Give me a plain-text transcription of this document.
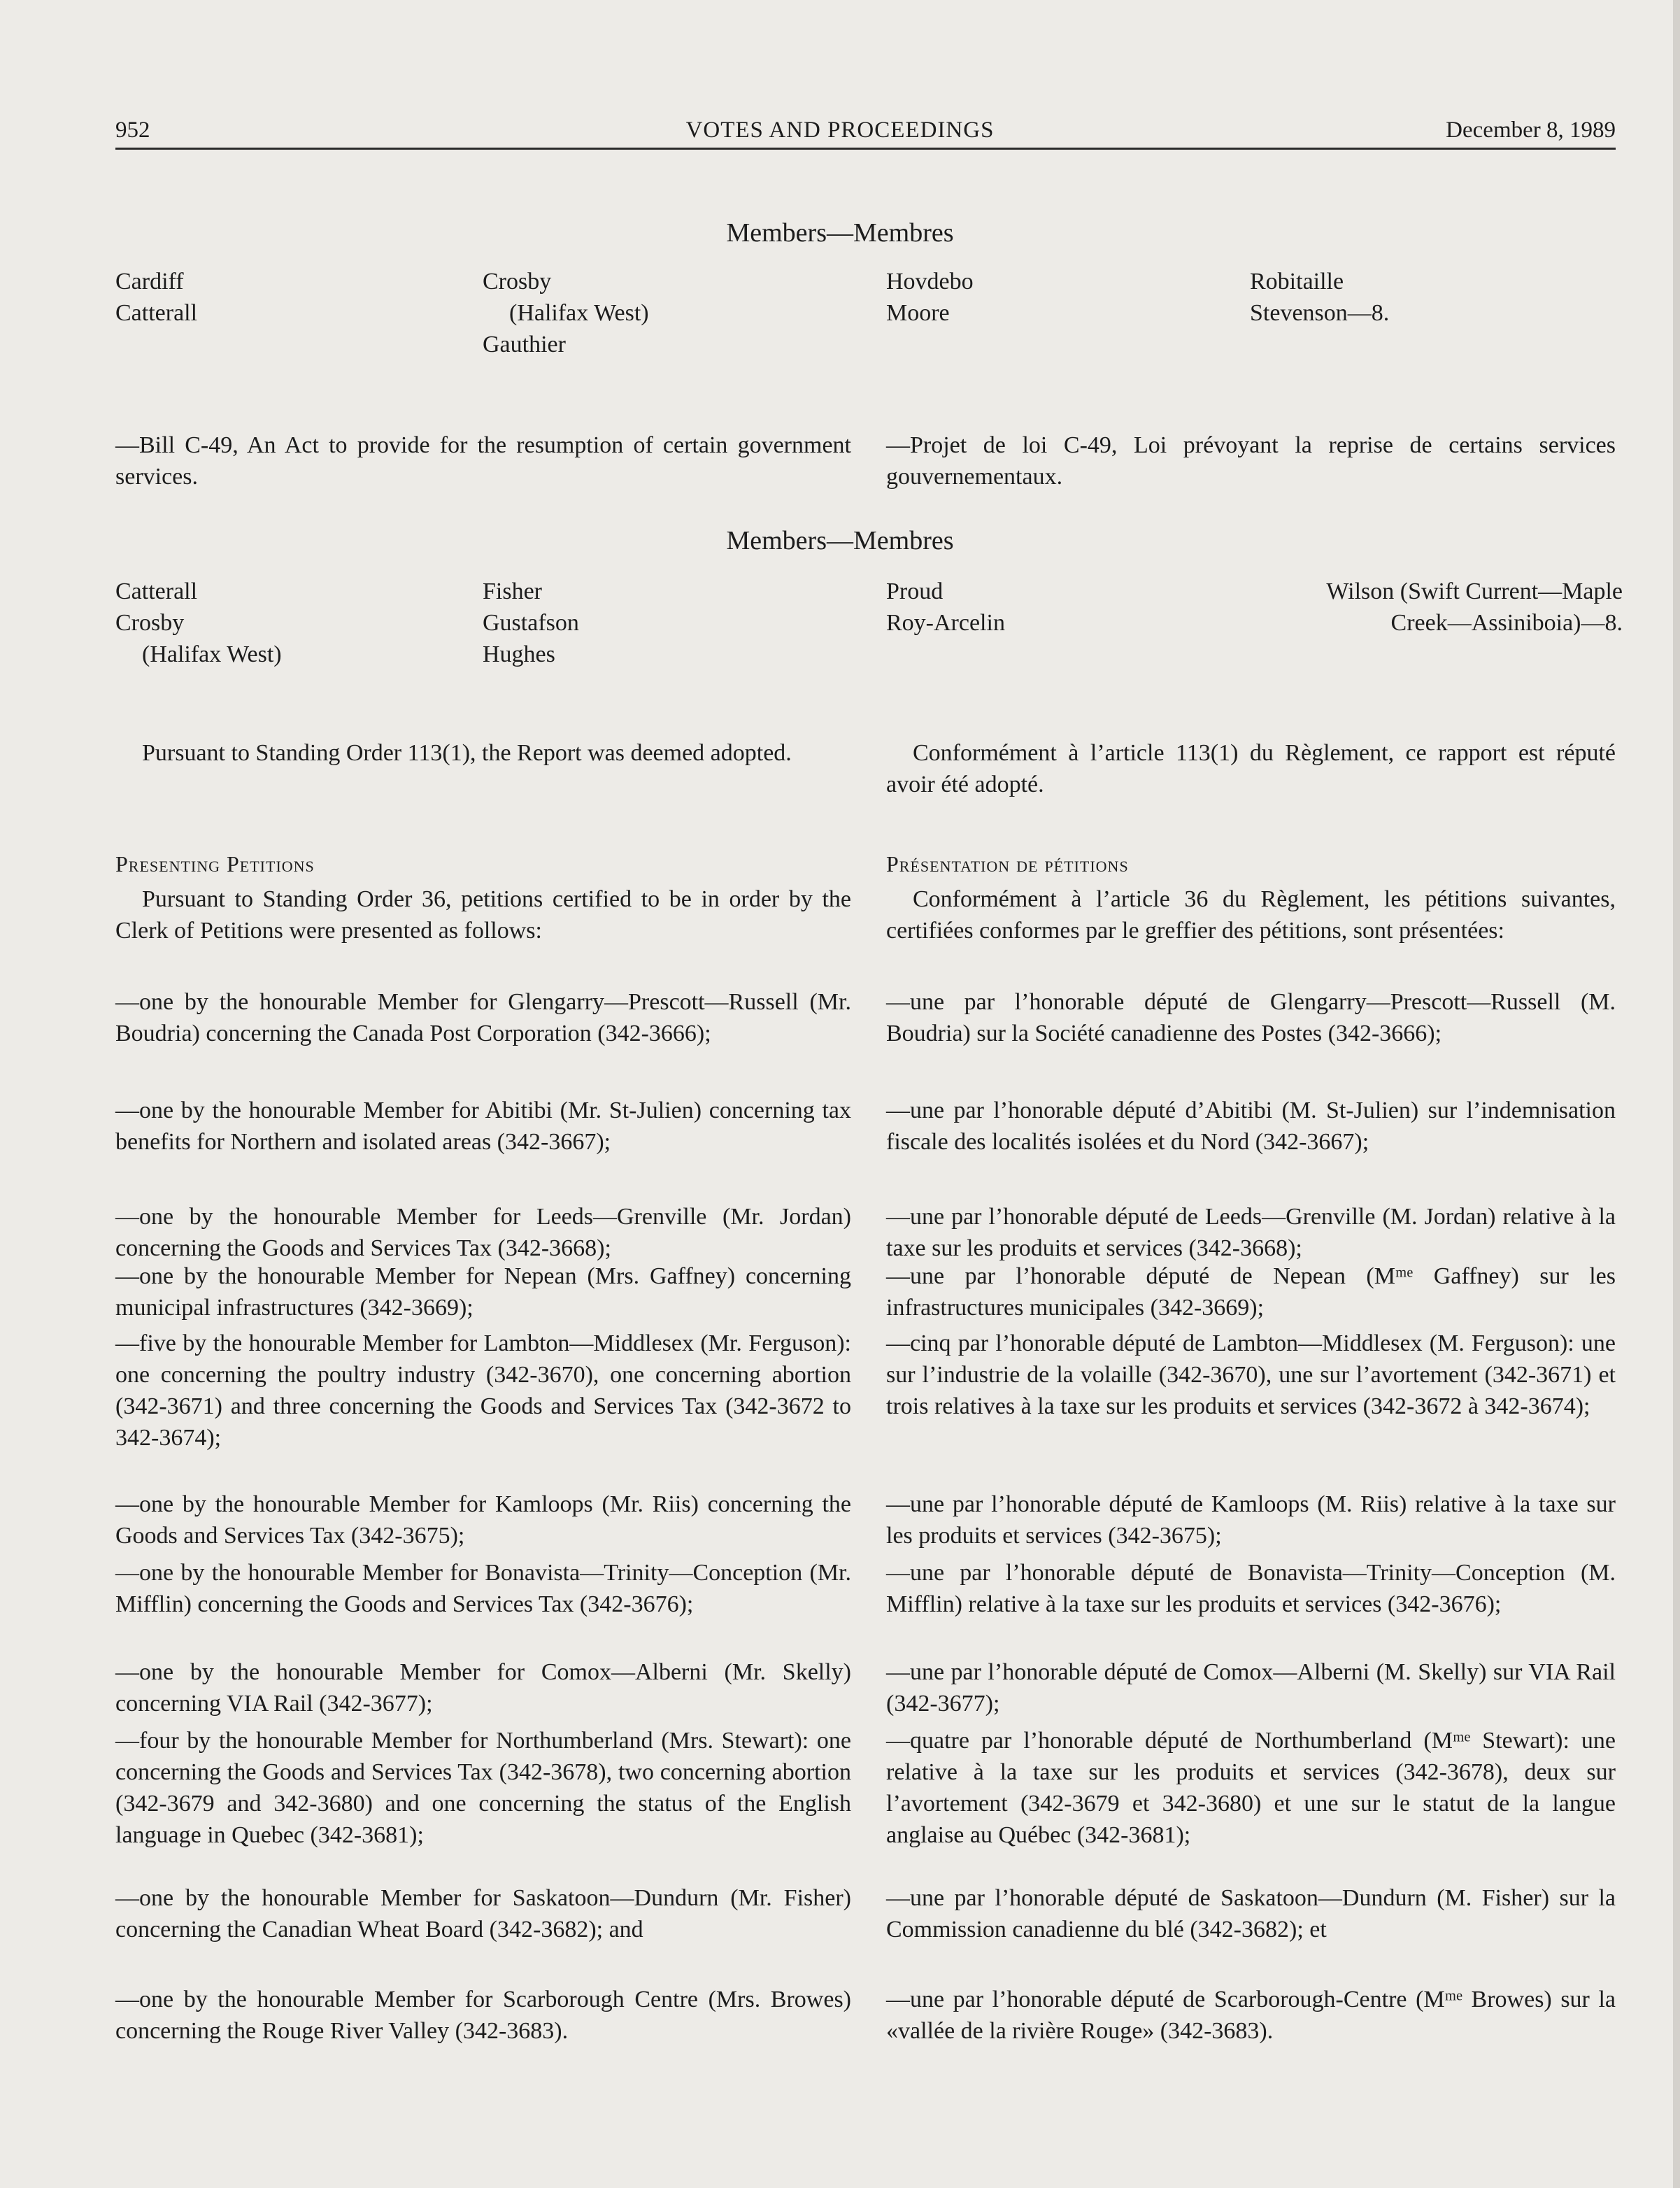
952	VOTES AND PROCEEDINGS	December 8, 1989
Members—Membres
Cardiff
Catterall
Crosby
(Halifax West)
Gauthier
Hovdebo
Moore
Robitaille
Stevenson—8.
—Bill C-49, An Act to provide for the resumption of certain government services.
—Projet de loi C-49, Loi prévoyant la reprise de certains services gouvernementaux.
Members—Membres
Catterall
Crosby
(Halifax West)
Fisher
Gustafson
Hughes
Proud
Roy-Arcelin
Wilson (Swift Current—Maple
Creek—Assiniboia)—8.
Pursuant to Standing Order 113(1), the Report was deemed adopted.	Conformément à l’article 113(1) du Règlement, ce rapport est réputé avoir été adopté.
Presenting Petitions	Présentation de pétitions
Pursuant to Standing Order 36, petitions certified to be in order by the Clerk of Petitions were presented as follows:
Conformément à l’article 36 du Règlement, les pétitions suivantes, certifiées conformes par le greffier des pétitions, sont présentées:
—one by the honourable Member for Glengarry—Prescott—Russell (Mr. Boudria) concerning the Canada Post Corporation (342-3666);
—one by the honourable Member for Abitibi (Mr. St-Julien) concerning tax benefits for Northern and isolated areas (342-3667);
—one by the honourable Member for Leeds—Grenville (Mr. Jordan) concerning the Goods and Services Tax (342-3668);
—one by the honourable Member for Nepean (Mrs. Gaffney) concerning municipal infrastructures (342-3669);
—five by the honourable Member for Lambton—Middlesex (Mr. Ferguson): one concerning the poultry industry (342-3670), one concerning abortion (342-3671) and three concerning the Goods and Services Tax (342-3672 to 342-3674);
—one by the honourable Member for Kamloops (Mr. Riis) concerning the Goods and Services Tax (342-3675);
—one by the honourable Member for Bonavista—Trinity—Conception (Mr. Mifflin) concerning the Goods and Services Tax (342-3676);
—one by the honourable Member for Comox—Alberni (Mr. Skelly) concerning VIA Rail (342-3677);
—four by the honourable Member for Northumberland (Mrs. Stewart): one concerning the Goods and Services Tax (342-3678), two concerning abortion (342-3679 and 342-3680) and one concerning the status of the English language in Quebec (342-3681);
—one by the honourable Member for Saskatoon—Dundurn (Mr. Fisher) concerning the Canadian Wheat Board (342-3682); and
—one by the honourable Member for Scarborough Centre (Mrs. Browes) concerning the Rouge River Valley (342-3683).
—une par l’honorable député de Glengarry—Prescott—Russell (M. Boudria) sur la Société canadienne des Postes (342-3666);
—une par l’honorable député d’Abitibi (M. St-Julien) sur l’indemnisation fiscale des localités isolées et du Nord (342-3667);
—une par l’honorable député de Leeds—Grenville (M. Jordan) relative à la taxe sur les produits et services (342-3668);
—une par l’honorable député de Nepean (Mᵐᵉ Gaffney) sur les infrastructures municipales (342-3669);
—cinq par l’honorable député de Lambton—Middlesex (M. Ferguson): une sur l’industrie de la volaille (342-3670), une sur l’avortement (342-3671) et trois relatives à la taxe sur les produits et services (342-3672 à 342-3674);
—une par l’honorable député de Kamloops (M. Riis) relative à la taxe sur les produits et services (342-3675);
—une par l’honorable député de Bonavista—Trinity—Conception (M. Mifflin) relative à la taxe sur les produits et services (342-3676);
—une par l’honorable député de Comox—Alberni (M. Skelly) sur VIA Rail (342-3677);
—quatre par l’honorable député de Northumberland (Mᵐᵉ Stewart): une relative à la taxe sur les produits et services (342-3678), deux sur l’avortement (342-3679 et 342-3680) et une sur le statut de la langue anglaise au Québec (342-3681);
—une par l’honorable député de Saskatoon—Dundurn (M. Fisher) sur la Commission canadienne du blé (342-3682); et
—une par l’honorable député de Scarborough-Centre (Mᵐᵉ Browes) sur la «vallée de la rivière Rouge» (342-3683).
